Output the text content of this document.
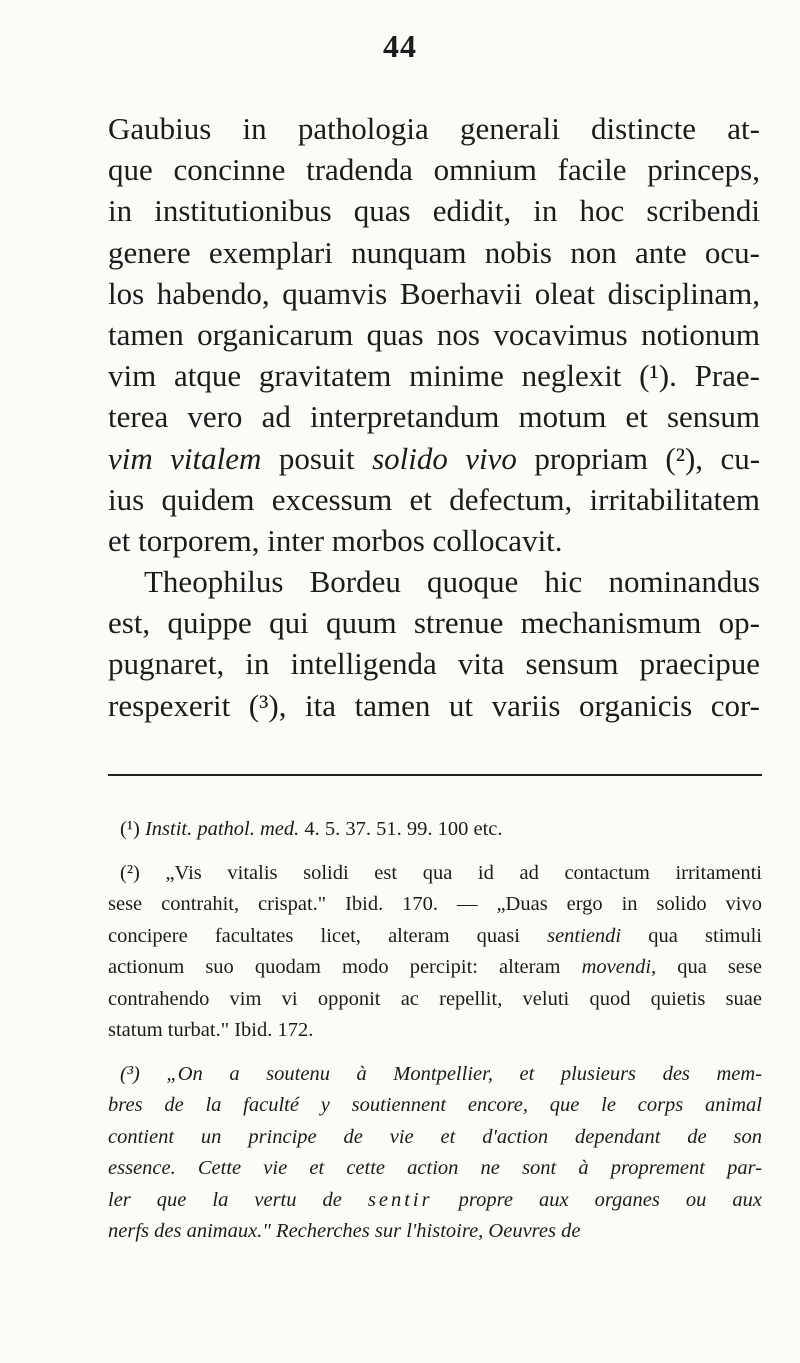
44
Gaubius in pathologia generali distincte at-
que concinne tradenda omnium facile princeps,
in institutionibus quas edidit, in hoc scribendi
genere exemplari nunquam nobis non ante ocu-
los habendo, quamvis Boerhavii oleat disciplinam,
tamen organicarum quas nos vocavimus notionum
vim atque gravitatem minime neglexit (¹). Prae-
terea vero ad interpretandum motum et sensum
vim vitalem posuit solido vivo propriam (²), cu-
ius quidem excessum et defectum, irritabilitatem
et torporem, inter morbos collocavit.
Theophilus Bordeu quoque hic nominandus
est, quippe qui quum strenue mechanismum op-
pugnaret, in intelligenda vita sensum praecipue
respexerit (³), ita tamen ut variis organicis cor-
(¹) Instit. pathol. med. 4. 5. 37. 51. 99. 100 etc.
(²) „Vis vitalis solidi est qua id ad contactum irritamenti
sese contrahit, crispat." Ibid. 170. — „Duas ergo in solido vivo
concipere facultates licet, alteram quasi sentiendi qua stimuli
actionum suo quodam modo percipit: alteram movendi, qua sese
contrahendo vim vi opponit ac repellit, veluti quod quietis suae
statum turbat." Ibid. 172.
(³) „On a soutenu à Montpellier, et plusieurs des mem-
bres de la faculté y soutiennent encore, que le corps animal
contient un principe de vie et d'action dependant de son
essence. Cette vie et cette action ne sont à proprement par-
ler que la vertu de sentir propre aux organes ou aux
nerfs des animaux." Recherches sur l'histoire, Oeuvres de
